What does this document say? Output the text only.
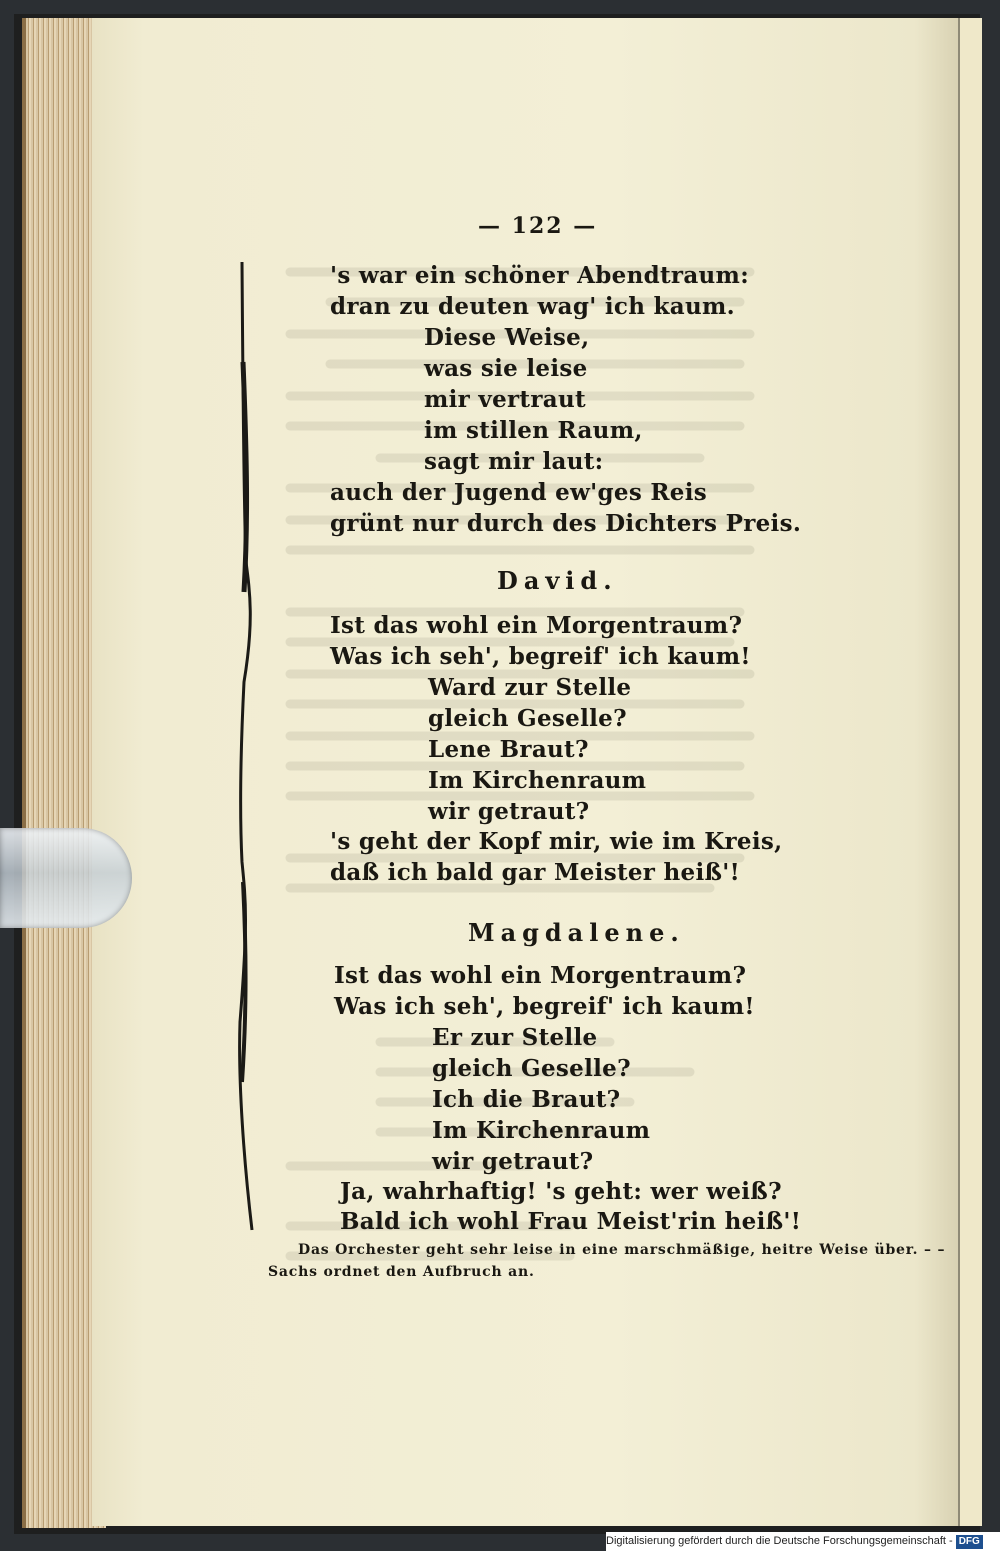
— 122 —
's war ein schöner Abendtraum:
dran zu deuten wag' ich kaum.
Diese Weise,
was sie leise
mir vertraut
im stillen Raum,
sagt mir laut:
auch der Jugend ew'ges Reis
grünt nur durch des Dichters Preis.
David.
Ist das wohl ein Morgentraum?
Was ich seh', begreif' ich kaum!
Ward zur Stelle
gleich Geselle?
Lene Braut?
Im Kirchenraum
wir getraut?
's geht der Kopf mir, wie im Kreis,
daß ich bald gar Meister heiß'!
Magdalene.
Ist das wohl ein Morgentraum?
Was ich seh', begreif' ich kaum!
Er zur Stelle
gleich Geselle?
Ich die Braut?
Im Kirchenraum
wir getraut?
Ja, wahrhaftig! 's geht: wer weiß?
Bald ich wohl Frau Meist'rin heiß'!
Das Orchester geht sehr leise in eine marschmäßige, heitre Weise über. – –
Sachs ordnet den Aufbruch an.
Digitalisierung gefördert durch die Deutsche Forschungsgemeinschaft - DFG
